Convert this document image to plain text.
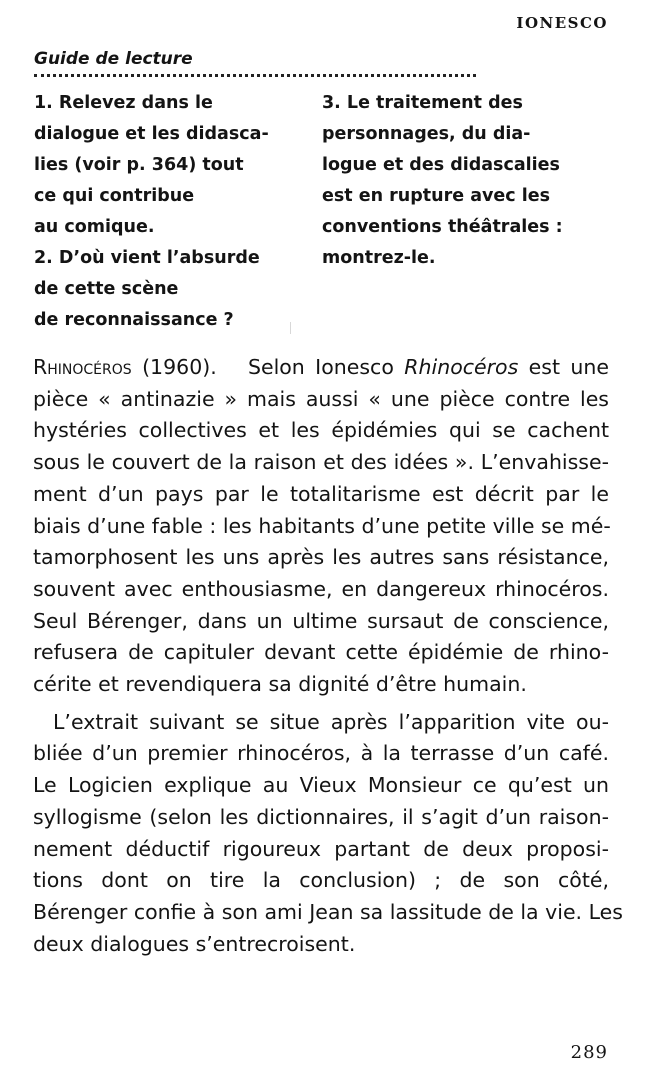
IONESCO
Guide de lecture
1. Relevez dans le
dialogue et les didasca-
lies (voir p. 364) tout
ce qui contribue
au comique.
2. D’où vient l’absurde
de cette scène
de reconnaissance ?
3. Le traitement des
personnages, du dia-
logue et des didascalies
est en rupture avec les
conventions théâtrales :
montrez-le.
Rhinocéros (1960). Selon Ionesco Rhinocéros est une
pièce « antinazie » mais aussi « une pièce contre les
hystéries collectives et les épidémies qui se cachent
sous le couvert de la raison et des idées ». L’envahisse-
ment d’un pays par le totalitarisme est décrit par le
biais d’une fable : les habitants d’une petite ville se mé-
tamorphosent les uns après les autres sans résistance,
souvent avec enthousiasme, en dangereux rhinocéros.
Seul Bérenger, dans un ultime sursaut de conscience,
refusera de capituler devant cette épidémie de rhino-
cérite et revendiquera sa dignité d’être humain.
L’extrait suivant se situe après l’apparition vite ou-
bliée d’un premier rhinocéros, à la terrasse d’un café.
Le Logicien explique au Vieux Monsieur ce qu’est un
syllogisme (selon les dictionnaires, il s’agit d’un raison-
nement déductif rigoureux partant de deux proposi-
tions dont on tire la conclusion) ; de son côté,
Bérenger confie à son ami Jean sa lassitude de la vie. Les
deux dialogues s’entrecroisent.
289
